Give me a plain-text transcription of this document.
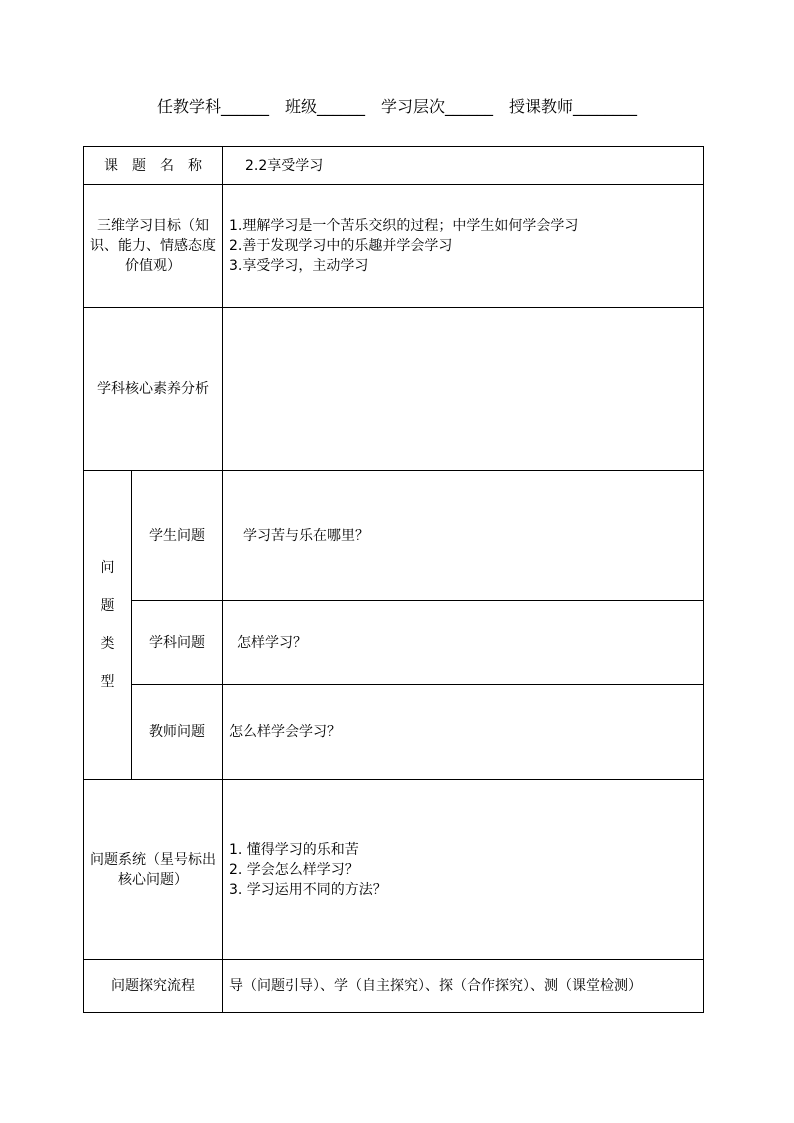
任教学科______ 班级______ 学习层次______ 授课教师________
课题名称		2.2享受学习

三维学习目标（知识、能力、情感态度价值观）		1.理解学习是一个苦乐交织的过程；中学生如何学会学习
2.善于发现学习中的乐趣并学会学习
3.享受学习，主动学习

学科核心素养分析		

问
题
类
型	学生问题	学习苦与乐在哪里？
	学科问题	怎样学习？
	教师问题	怎么样学会学习？

问题系统（星号标出核心问题）		1. 懂得学习的乐和苦
2. 学会怎么样学习？
3. 学习运用不同的方法？

问题探究流程		导（问题引导）、学（自主探究）、探（合作探究）、测（课堂检测）
